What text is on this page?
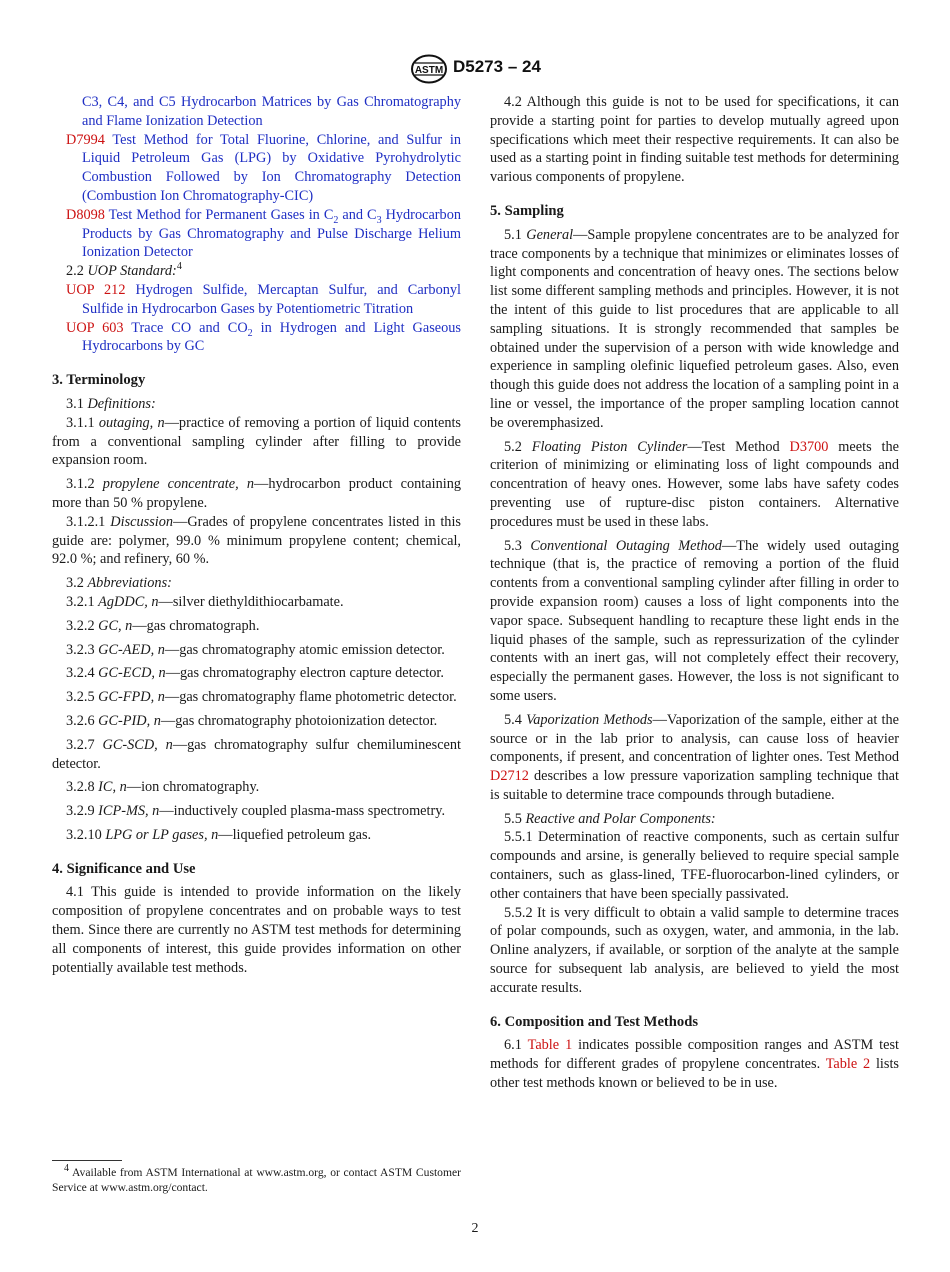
ASTM D5273 – 24

C3, C4, and C5 Hydrocarbon Matrices by Gas Chromatography and Flame Ionization Detection

D7994 Test Method for Total Fluorine, Chlorine, and Sulfur in Liquid Petroleum Gas (LPG) by Oxidative Pyrohydrolytic Combustion Followed by Ion Chromatography Detection (Combustion Ion Chromatography-CIC)

D8098 Test Method for Permanent Gases in $C_2$ and $C_3$ Hydrocarbon Products by Gas Chromatography and Pulse Discharge Helium Ionization Detector

2.2 UOP Standard:$^4$

UOP 212 Hydrogen Sulfide, Mercaptan Sulfur, and Carbonyl Sulfide in Hydrocarbon Gases by Potentiometric Titration

UOP 603 Trace CO and $CO_2$ in Hydrogen and Light Gaseous Hydrocarbons by GC

3. Terminology

3.1 Definitions:

3.1.1 outaging, n—practice of removing a portion of liquid contents from a conventional sampling cylinder after filling to provide expansion room.

3.1.2 propylene concentrate, n—hydrocarbon product containing more than 50 % propylene.

3.1.2.1 Discussion—Grades of propylene concentrates listed in this guide are: polymer, 99.0 % minimum propylene content; chemical, 92.0 %; and refinery, 60 %.

3.2 Abbreviations:

3.2.1 AgDDC, n—silver diethyldithiocarbamate.

3.2.2 GC, n—gas chromatograph.

3.2.3 GC-AED, n—gas chromatography atomic emission detector.

3.2.4 GC-ECD, n—gas chromatography electron capture detector.

3.2.5 GC-FPD, n—gas chromatography flame photometric detector.

3.2.6 GC-PID, n—gas chromatography photoionization detector.

3.2.7 GC-SCD, n—gas chromatography sulfur chemiluminescent detector.

3.2.8 IC, n—ion chromatography.

3.2.9 ICP-MS, n—inductively coupled plasma-mass spectrometry.

3.2.10 LPG or LP gases, n—liquefied petroleum gas.

4. Significance and Use

4.1 This guide is intended to provide information on the likely composition of propylene concentrates and on probable ways to test them. Since there are currently no ASTM test methods for determining all components of interest, this guide provides information on other potentially available test methods.

$^4$ Available from ASTM International at www.astm.org, or contact ASTM Customer Service at www.astm.org/contact.

4.2 Although this guide is not to be used for specifications, it can provide a starting point for parties to develop mutually agreed upon specifications which meet their respective requirements. It can also be used as a starting point in finding suitable test methods for determining various components of propylene.

5. Sampling

5.1 General—Sample propylene concentrates are to be analyzed for trace components by a technique that minimizes or eliminates losses of light components and concentration of heavy ones. The sections below list some different sampling methods and principles. However, it is not the intent of this guide to list procedures that are applicable to all sampling situations. It is strongly recommended that samples be obtained under the supervision of a person with wide knowledge and experience in sampling olefinic liquefied petroleum gases. Also, even though this guide does not address the location of a sampling point in a line or vessel, the importance of the proper sampling location cannot be overemphasized.

5.2 Floating Piston Cylinder—Test Method D3700 meets the criterion of minimizing or eliminating loss of light compounds and concentration of heavy ones. However, some labs have safety codes preventing use of rupture-disc piston containers. Alternative procedures must be used in these labs.

5.3 Conventional Outaging Method—The widely used outaging technique (that is, the practice of removing a portion of the fluid contents from a conventional sampling cylinder after filling in order to provide expansion room) causes a loss of light components into the vapor space. Subsequent handling to recapture these light ends in the liquid phases of the sample, such as repressurization of the cylinder contents with an inert gas, will not completely effect their recovery, especially the permanent gases. However, the loss is not significant to some users.

5.4 Vaporization Methods—Vaporization of the sample, either at the source or in the lab prior to analysis, can cause loss of heavier components, if present, and concentration of lighter ones. Test Method D2712 describes a low pressure vaporization sampling technique that is suitable to determine trace compounds through butadiene.

5.5 Reactive and Polar Components:

5.5.1 Determination of reactive components, such as certain sulfur compounds and arsine, is generally believed to require special sample containers, such as glass-lined, TFE-fluorocarbon-lined cylinders, or other containers that have been specially passivated.

5.5.2 It is very difficult to obtain a valid sample to determine traces of polar compounds, such as oxygen, water, and ammonia, in the lab. Online analyzers, if available, or sorption of the analyte at the sample source for subsequent lab analysis, are believed to yield the most accurate results.

6. Composition and Test Methods

6.1 Table 1 indicates possible composition ranges and ASTM test methods for different grades of propylene concentrates. Table 2 lists other test methods known or believed to be in use.

2
